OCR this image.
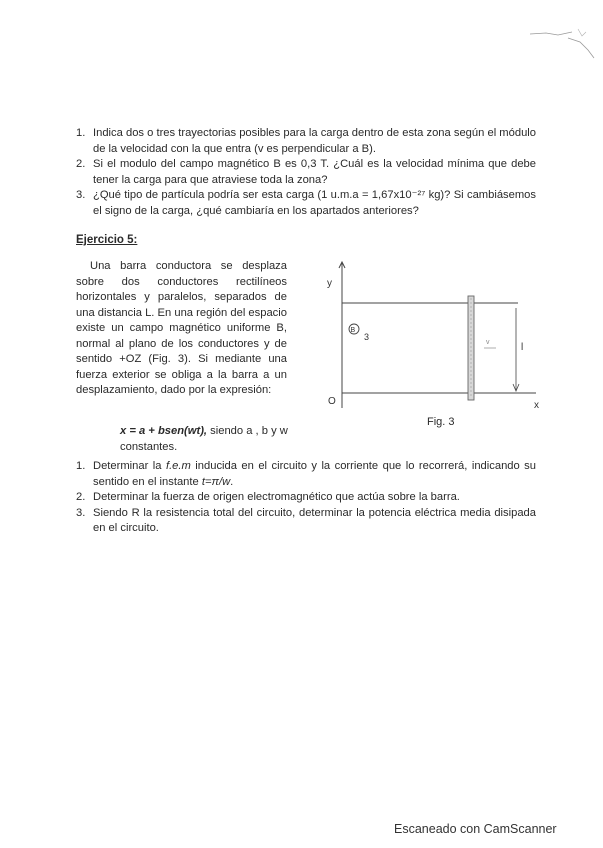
1. Indica dos o tres trayectorias posibles para la carga dentro de esta zona según el módulo de la velocidad con la que entra (v es perpendicular a B).
2. Si el modulo del campo magnético B es 0,3 T. ¿Cuál es la velocidad mínima que debe tener la carga para que atraviese toda la zona?
3. ¿Qué tipo de partícula podría ser esta carga (1 u.m.a = 1,67x10⁻²⁷ kg)? Si cambiásemos el signo de la carga, ¿qué cambiaría en los apartados anteriores?

Ejercicio 5:

Una barra conductora se desplaza sobre dos conductores rectilíneos horizontales y paralelos, separados de una distancia L. En una región del espacio existe un campo magnético uniforme B, normal al plano de los conductores y de sentido +OZ (Fig. 3). Si mediante una fuerza exterior se obliga a la barra a un desplazamiento, dado por la expresión:

x = a + bsen(wt), siendo a , b y w constantes.

y
x
O
l
v
B
3

Fig. 3

1. Determinar la f.e.m inducida en el circuito y la corriente que lo recorrerá, indicando su sentido en el instante t=π/w.
2. Determinar la fuerza de origen electromagnético que actúa sobre la barra.
3. Siendo R la resistencia total del circuito, determinar la potencia eléctrica media disipada en el circuito.

Escaneado con CamScanner
